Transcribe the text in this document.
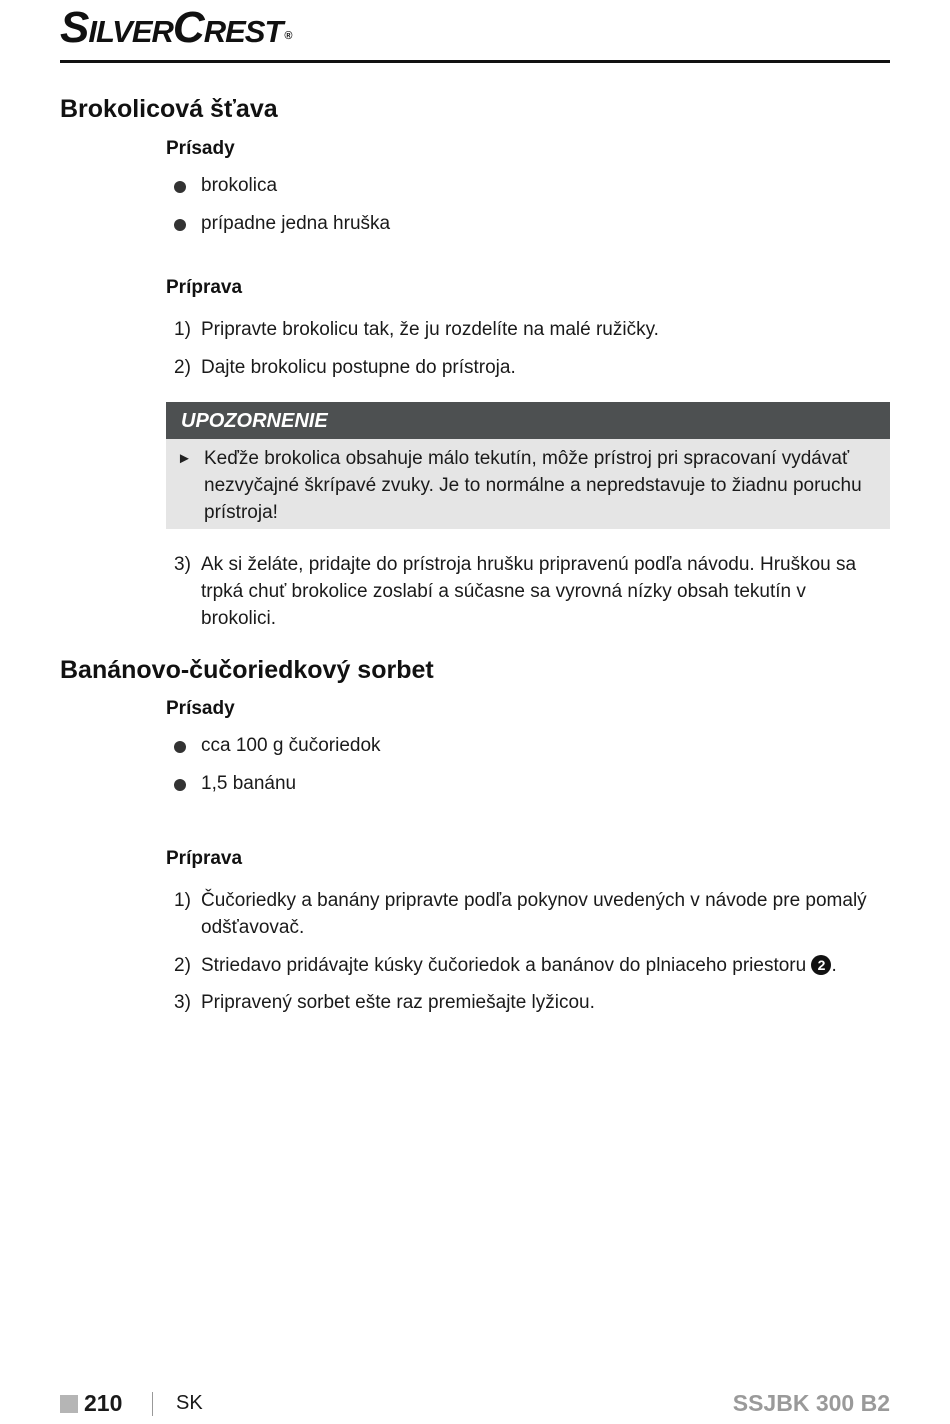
SilverCrest ®
Brokolicová šťava
Prísady
brokolica
prípadne jedna hruška
Príprava
1) Pripravte brokolicu tak, že ju rozdelíte na malé ružičky.
2) Dajte brokolicu postupne do prístroja.
UPOZORNENIE
► Keďže brokolica obsahuje málo tekutín, môže prístroj pri spracovaní vydávať nezvyčajné škrípavé zvuky. Je to normálne a nepredstavuje to žiadnu poruchu prístroja!
3) Ak si želáte, pridajte do prístroja hrušku pripravenú podľa návodu. Hruškou sa trpká chuť brokolice zoslabí a súčasne sa vyrovná nízky obsah tekutín v brokolici.
Banánovo-čučoriedkový sorbet
Prísady
cca 100 g čučoriedok
1,5 banánu
Príprava
1) Čučoriedky a banány pripravte podľa pokynov uvedených v návode pre pomalý odšťavovač.
2) Striedavo pridávajte kúsky čučoriedok a banánov do plniaceho priestoru 2 .
3) Pripravený sorbet ešte raz premiešajte lyžicou.
210	SK	SSJBK 300 B2
